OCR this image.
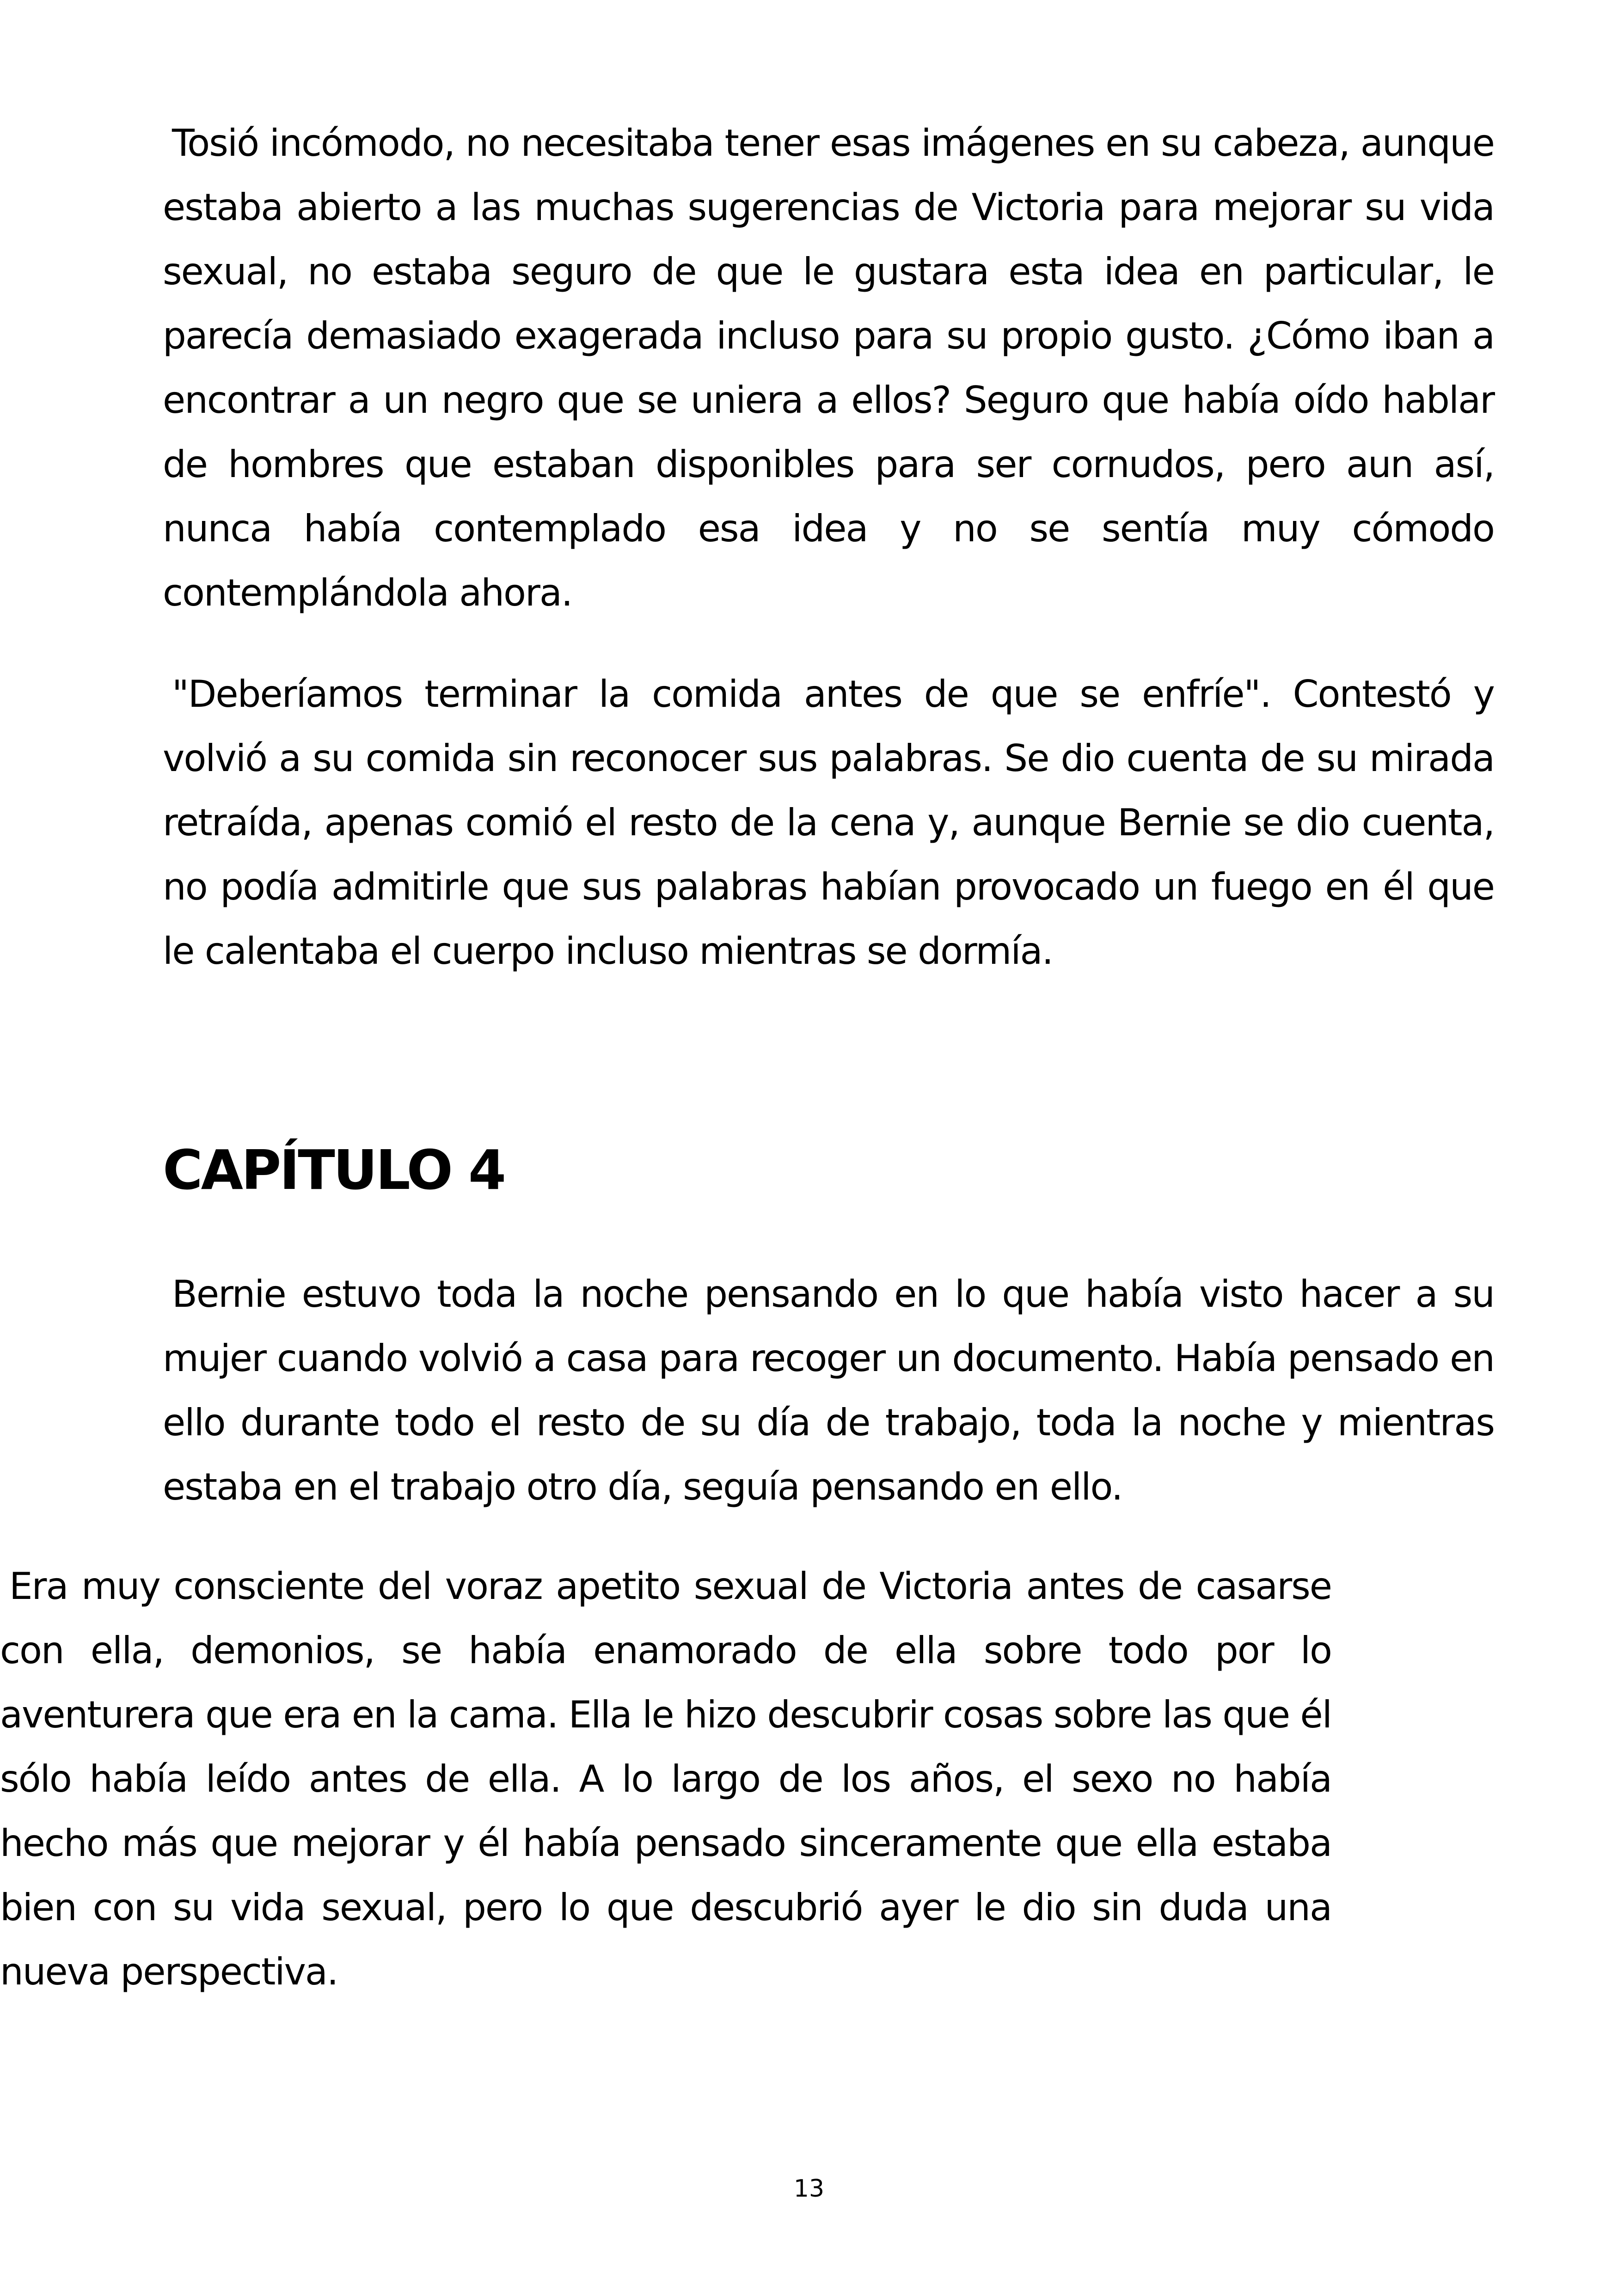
Tosió incómodo, no necesitaba tener esas imágenes en su cabeza, aunque estaba abierto a las muchas sugerencias de Victoria para mejorar su vida sexual, no estaba seguro de que le gustara esta idea en particular, le parecía demasiado exagerada incluso para su propio gusto. ¿Cómo iban a encontrar a un negro que se uniera a ellos? Seguro que había oído hablar de hombres que estaban disponibles para ser cornudos, pero aun así, nunca había contemplado esa idea y no se sentía muy cómodo contemplándola ahora.

"Deberíamos terminar la comida antes de que se enfríe". Contestó y volvió a su comida sin reconocer sus palabras. Se dio cuenta de su mirada retraída, apenas comió el resto de la cena y, aunque Bernie se dio cuenta, no podía admitirle que sus palabras habían provocado un fuego en él que le calentaba el cuerpo incluso mientras se dormía.

CAPÍTULO 4

Bernie estuvo toda la noche pensando en lo que había visto hacer a su mujer cuando volvió a casa para recoger un documento. Había pensado en ello durante todo el resto de su día de trabajo, toda la noche y mientras estaba en el trabajo otro día, seguía pensando en ello.

Era muy consciente del voraz apetito sexual de Victoria antes de casarse con ella, demonios, se había enamorado de ella sobre todo por lo aventurera que era en la cama. Ella le hizo descubrir cosas sobre las que él sólo había leído antes de ella. A lo largo de los años, el sexo no había hecho más que mejorar y él había pensado sinceramente que ella estaba bien con su vida sexual, pero lo que descubrió ayer le dio sin duda una nueva perspectiva.

13
